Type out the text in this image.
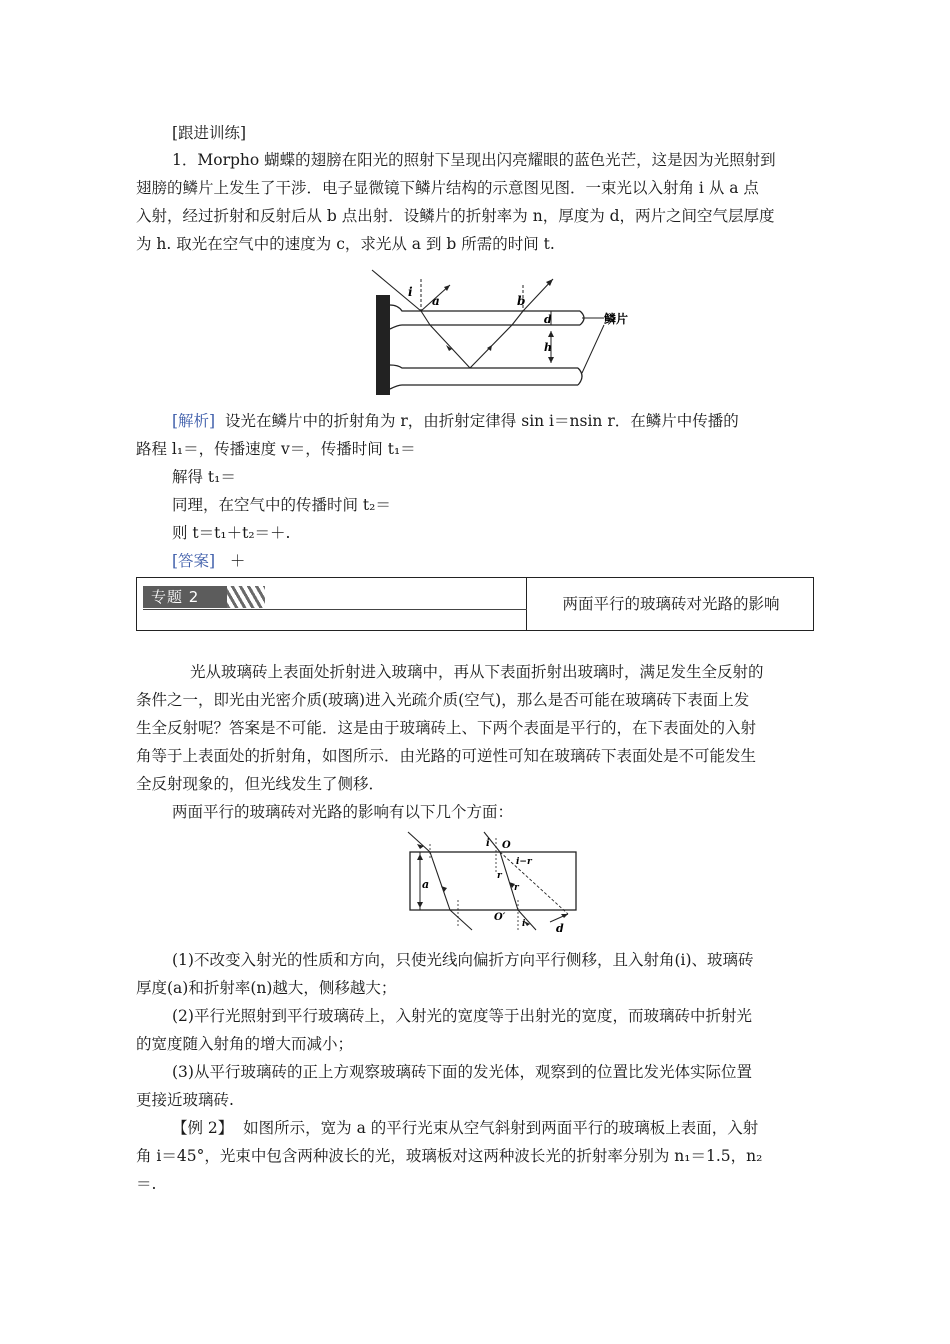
[跟进训练]
1．Morpho 蝴蝶的翅膀在阳光的照射下呈现出闪亮耀眼的蓝色光芒，这是因为光照射到
翅膀的鳞片上发生了干涉．电子显微镜下鳞片结构的示意图见图．一束光以入射角 i 从 a 点
入射，经过折射和反射后从 b 点出射．设鳞片的折射率为 n，厚度为 d，两片之间空气层厚度
为 h. 取光在空气中的速度为 c，求光从 a 到 b 所需的时间 t.
i
a	b
d
h
鳞片
[解析] 设光在鳞片中的折射角为 r，由折射定律得 sin i＝nsin r．在鳞片中传播的
路程 l₁＝，传播速度 v＝，传播时间 t₁＝
解得 t₁＝
同理，在空气中的传播时间 t₂＝
则 t＝t₁＋t₂＝＋.
[答案] ＋
专题 2	两面平行的玻璃砖对光路的影响
光从玻璃砖上表面处折射进入玻璃中，再从下表面折射出玻璃时，满足发生全反射的
条件之一，即光由光密介质(玻璃)进入光疏介质(空气)，那么是否可能在玻璃砖下表面上发
生全反射呢？答案是不可能．这是由于玻璃砖上、下两个表面是平行的，在下表面处的入射
角等于上表面处的折射角，如图所示．由光路的可逆性可知在玻璃砖下表面处是不可能发生
全反射现象的，但光线发生了侧移．
两面平行的玻璃砖对光路的影响有以下几个方面：
a
i O
i−r
r
r
O′
i	d
(1)不改变入射光的性质和方向，只使光线向偏折方向平行侧移，且入射角(i)、玻璃砖
厚度(a)和折射率(n)越大，侧移越大；
(2)平行光照射到平行玻璃砖上，入射光的宽度等于出射光的宽度，而玻璃砖中折射光
的宽度随入射角的增大而减小；
(3)从平行玻璃砖的正上方观察玻璃砖下面的发光体，观察到的位置比发光体实际位置
更接近玻璃砖.
【例 2】 如图所示，宽为 a 的平行光束从空气斜射到两面平行的玻璃板上表面，入射
角 i＝45°，光束中包含两种波长的光，玻璃板对这两种波长光的折射率分别为 n₁＝1.5，n₂
＝.
